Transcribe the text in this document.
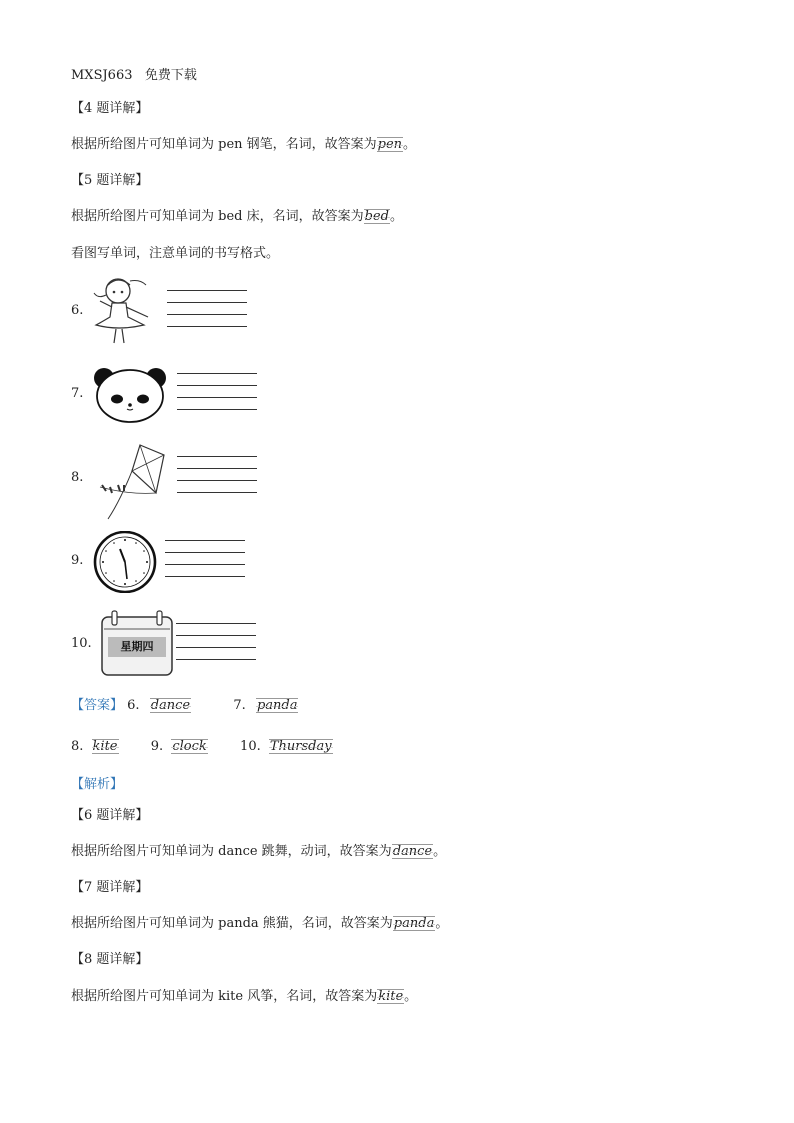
MXSJ663 免费下载
【4 题详解】
根据所给图片可知单词为 pen 钢笔，名词，故答案为pen。
【5 题详解】
根据所给图片可知单词为 bed 床，名词，故答案为bed。
看图写单词，注意单词的书写格式。
6.
7.
8.
9.
10.	星期四
【答案】 6. dance	7. panda
8. kite	9. clock	10. Thursday
【解析】
【6 题详解】
根据所给图片可知单词为 dance 跳舞，动词，故答案为dance。
【7 题详解】
根据所给图片可知单词为 panda 熊猫，名词，故答案为panda。
【8 题详解】
根据所给图片可知单词为 kite 风筝，名词，故答案为kite。
